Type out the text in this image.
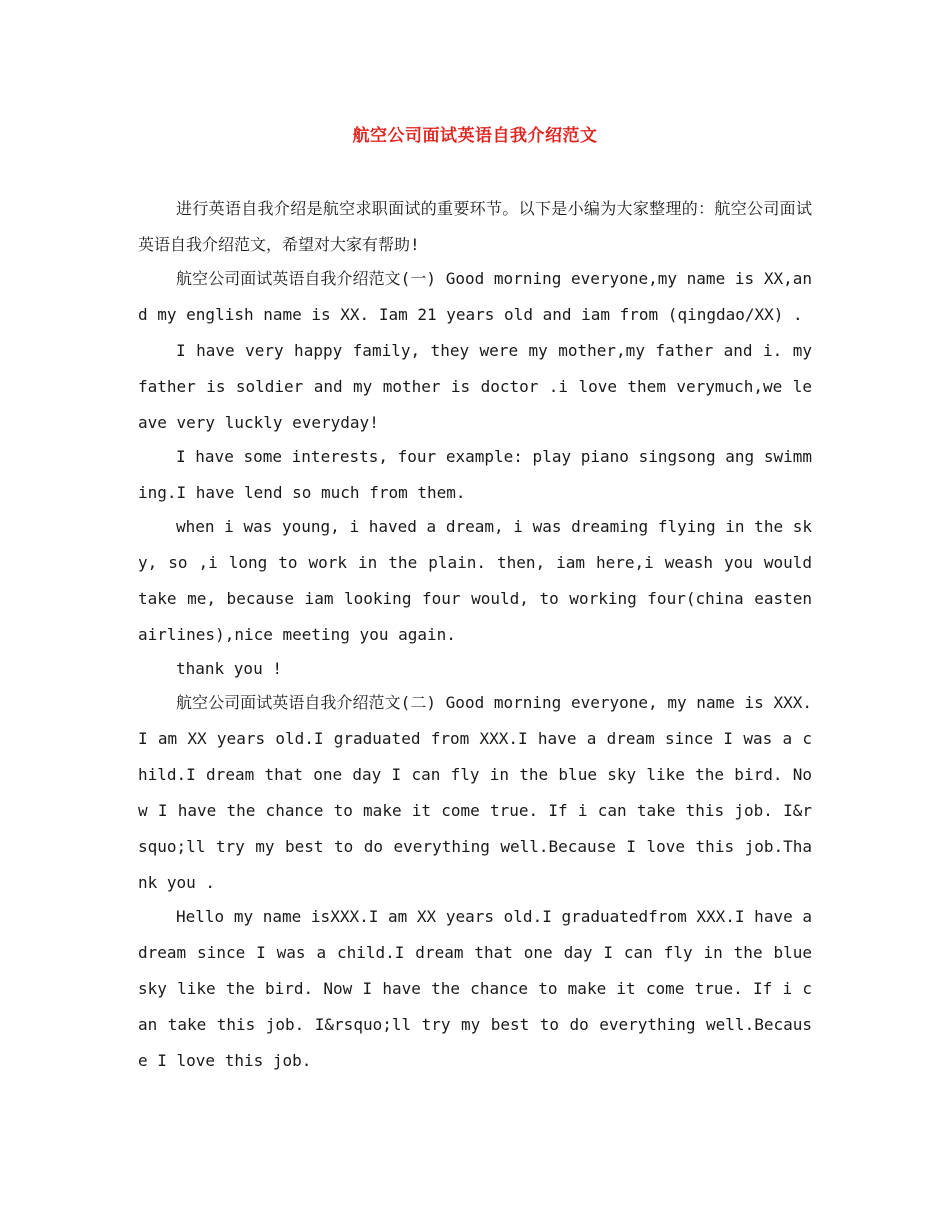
航空公司面试英语自我介绍范文

进行英语自我介绍是航空求职面试的重要环节。以下是小编为大家整理的：航空公司面试英语自我介绍范文，希望对大家有帮助!

航空公司面试英语自我介绍范文(一) Good morning everyone,my name is XX,and my english name is XX. Iam 21 years old and iam from (qingdao/XX) .

I have very happy family, they were my mother,my father and i. my father is soldier and my mother is doctor .i love them verymuch,we leave very luckly everyday!

I have some interests, four example: play piano singsong ang swimming.I have lend so much from them.

when i was young, i haved a dream, i was dreaming flying in the sky, so ,i long to work in the plain. then, iam here,i weash you would take me, because iam looking four would, to working four(china easten airlines),nice meeting you again.

thank you !

航空公司面试英语自我介绍范文(二) Good morning everyone, my name is XXX.I am XX years old.I graduated from XXX.I have a dream since I was a child.I dream that one day I can fly in the blue sky like the bird. Now I have the chance to make it come true. If i can take this job. I&rsquo;ll try my best to do everything well.Because I love this job.Thank you .

Hello my name isXXX.I am XX years old.I graduatedfrom XXX.I have a dream since I was a child.I dream that one day I can fly in the blue sky like the bird. Now I have the chance to make it come true. If i can take this job. I&rsquo;ll try my best to do everything well.Because I love this job.
